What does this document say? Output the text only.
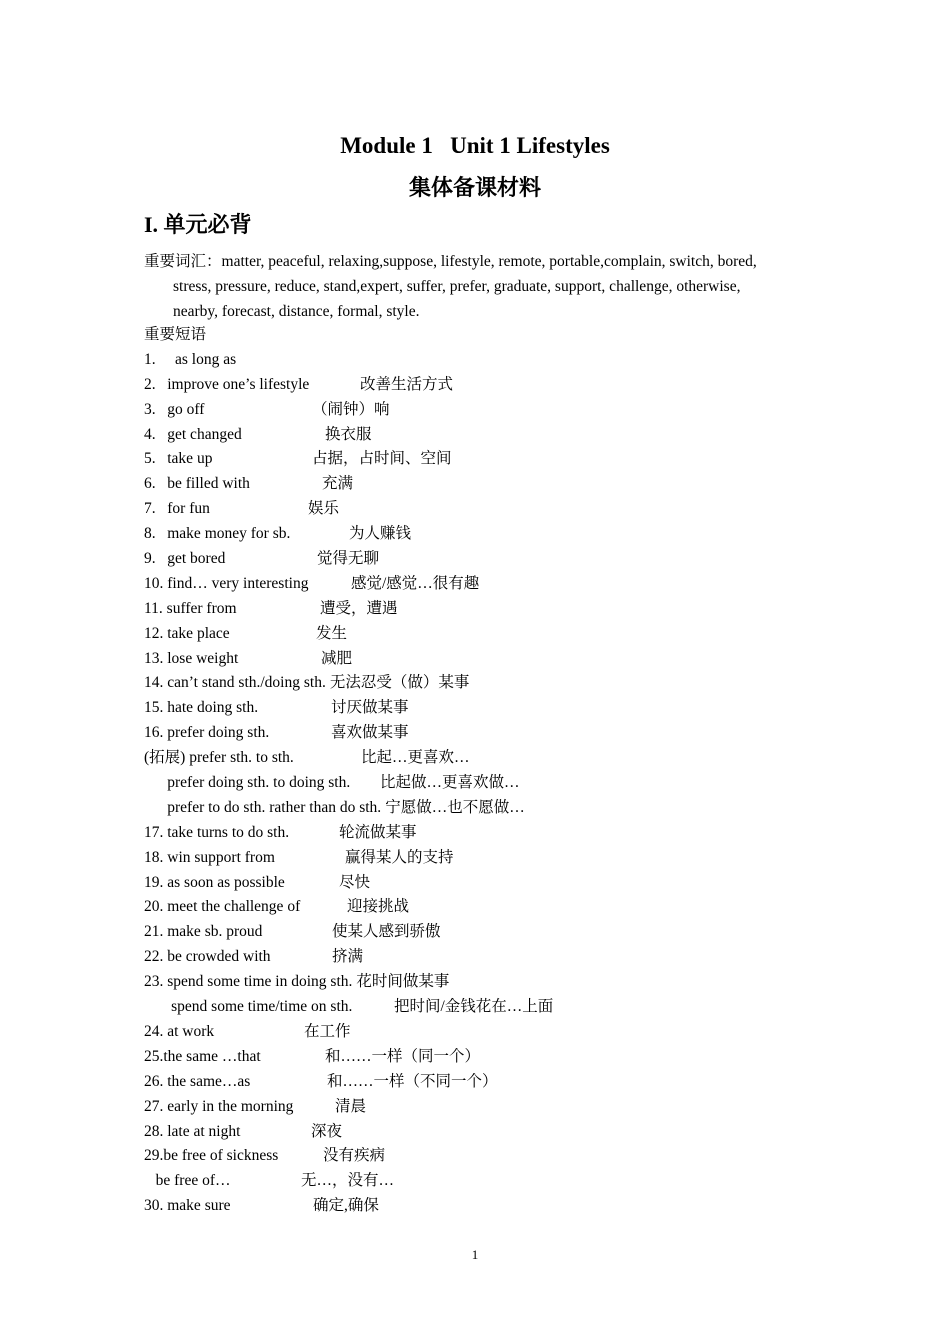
Module 1   Unit 1 Lifestyles
集体备课材料
I. 单元必背
重要词汇：matter, peaceful, relaxing,suppose, lifestyle, remote, portable,complain, switch, bored,
stress, pressure, reduce, stand,expert, suffer, prefer, graduate, support, challenge, otherwise,
nearby, forecast, distance, formal, style.
重要短语
1.     as long as
2.   improve one’s lifestyle	改善生活方式
3.   go off	（闹钟）响
4.   get changed	换衣服
5.   take up	占据，占时间、空间
6.   be filled with	充满
7.   for fun	娱乐
8.   make money for sb.	为人赚钱
9.   get bored	觉得无聊
10. find… very interesting	感觉/感觉…很有趣
11. suffer from	遭受，遭遇
12. take place	发生
13. lose weight	减肥
14. can’t stand sth./doing sth. 无法忍受（做）某事
15. hate doing sth.	讨厌做某事
16. prefer doing sth.	喜欢做某事
(拓展) prefer sth. to sth.	比起…更喜欢…
prefer doing sth. to doing sth. 比起做…更喜欢做…
prefer to do sth. rather than do sth. 宁愿做…也不愿做…
17. take turns to do sth.	轮流做某事
18. win support from	赢得某人的支持
19. as soon as possible	尽快
20. meet the challenge of	迎接挑战
21. make sb. proud	使某人感到骄傲
22. be crowded with	挤满
23. spend some time in doing sth. 花时间做某事
spend some time/time on sth.	把时间/金钱花在…上面
24. at work	在工作
25.the same …that	和……一样（同一个）
26. the same…as	和……一样（不同一个）
27. early in the morning	清晨
28. late at night	深夜
29.be free of sickness	没有疾病
be free of…	无…，没有…
30. make sure	确定,确保
1
